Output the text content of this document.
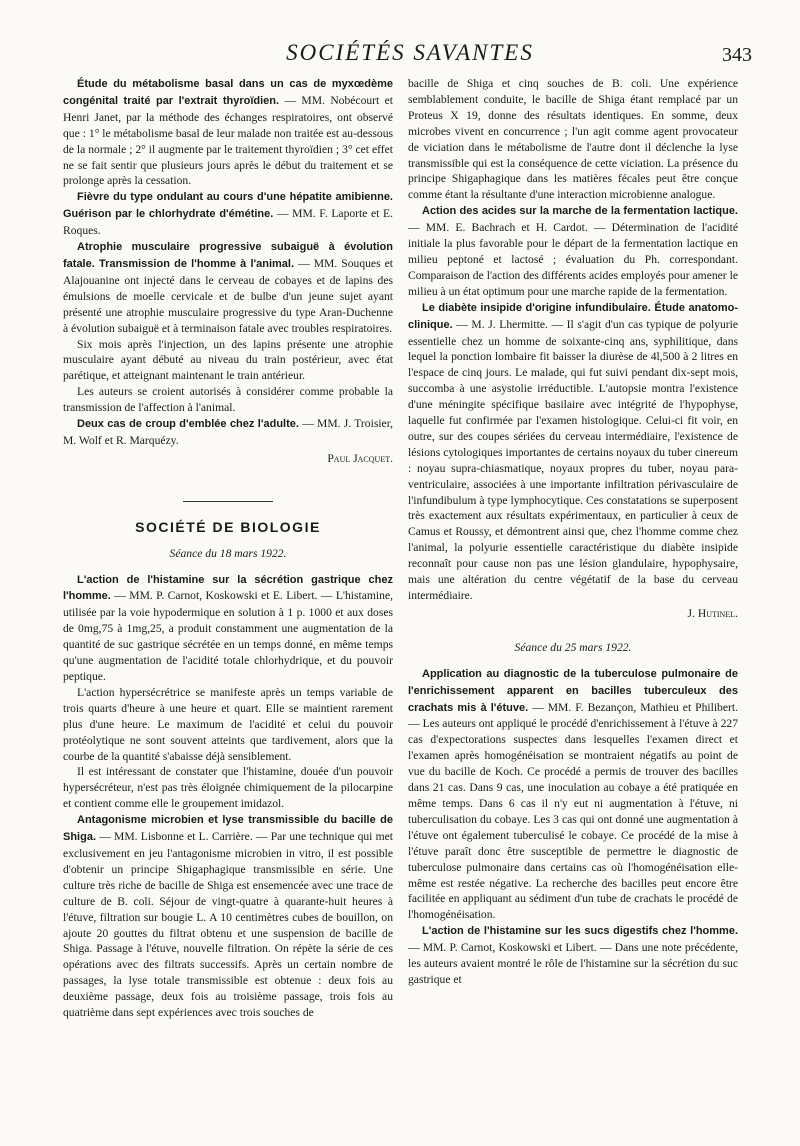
SOCIÉTÉS SAVANTES	343

Étude du métabolisme basal dans un cas de myxœdème congénital traité par l'extrait thyroïdien. — MM. Nobécourt et Henri Janet, par la méthode des échanges respiratoires, ont observé que : 1° le métabolisme basal de leur malade non traitée est au-dessous de la normale ; 2° il augmente par le traitement thyroïdien ; 3° cet effet ne se fait sentir que plusieurs jours après le début du traitement et se prolonge après la cessation.

Fièvre du type ondulant au cours d'une hépatite amibienne. Guérison par le chlorhydrate d'émétine. — MM. F. Laporte et E. Roques.

Atrophie musculaire progressive subaiguë à évolution fatale. Transmission de l'homme à l'animal. — MM. Souques et Alajouanine ont injecté dans le cerveau de cobayes et de lapins des émulsions de moelle cervicale et de bulbe d'un jeune sujet ayant présenté une atrophie musculaire progressive du type Aran-Duchenne à évolution subaiguë et à terminaison fatale avec troubles respiratoires.

Six mois après l'injection, un des lapins présente une atrophie musculaire ayant débuté au niveau du train postérieur, avec état parétique, et atteignant maintenant le train antérieur.

Les auteurs se croient autorisés à considérer comme probable la transmission de l'affection à l'animal.

Deux cas de croup d'emblée chez l'adulte. — MM. J. Troisier, M. Wolf et R. Marquézy.

Paul Jacquet.
SOCIÉTÉ DE BIOLOGIE
Séance du 18 mars 1922.

L'action de l'histamine sur la sécrétion gastrique chez l'homme. — MM. P. Carnot, Koskowski et E. Libert. — L'histamine, utilisée par la voie hypodermique en solution à 1 p. 1000 et aux doses de 0mg,75 à 1mg,25, a produit constamment une augmentation de la quantité de suc gastrique sécrétée en un temps donné, en même temps qu'une augmentation de l'acidité totale chlorhydrique, et du pouvoir peptique.

L'action hypersécrétrice se manifeste après un temps variable de trois quarts d'heure à une heure et quart. Elle se maintient rarement plus d'une heure. Le maximum de l'acidité et celui du pouvoir protéolytique ne sont souvent atteints que tardivement, alors que la courbe de la quantité s'abaisse déjà sensiblement.

Il est intéressant de constater que l'histamine, douée d'un pouvoir hypersécréteur, n'est pas très éloignée chimiquement de la pilocarpine et contient comme elle le groupement imidazol.

Antagonisme microbien et lyse transmissible du bacille de Shiga. — MM. Lisbonne et L. Carrière. — Par une technique qui met exclusivement en jeu l'antagonisme microbien in vitro, il est possible d'obtenir un principe Shigaphagique transmissible en série. Une culture très riche de bacille de Shiga est ensemencée avec une trace de culture de B. coli. Séjour de vingt-quatre à quarante-huit heures à l'étuve, filtration sur bougie L. A 10 centimètres cubes de bouillon, on ajoute 20 gouttes du filtrat obtenu et une suspension de bacille de Shiga. Passage à l'étuve, nouvelle filtration. On répète la série de ces opérations avec des filtrats successifs. Après un certain nombre de passages, la lyse totale transmissible est obtenue : deux fois au deuxième passage, deux fois au troisième passage, trois fois au quatrième dans sept expériences avec trois souches de

bacille de Shiga et cinq souches de B. coli. Une expérience semblablement conduite, le bacille de Shiga étant remplacé par un Proteus X 19, donne des résultats identiques. En somme, deux microbes vivent en concurrence ; l'un agit comme agent provocateur de viciation dans le métabolisme de l'autre dont il déclenche la lyse transmissible qui est la conséquence de cette viciation. La présence du principe Shigaphagique dans les matières fécales peut être conçue comme étant la résultante d'une interaction microbienne analogue.

Action des acides sur la marche de la fermentation lactique. — MM. E. Bachrach et H. Cardot. — Détermination de l'acidité initiale la plus favorable pour le départ de la fermentation lactique en milieu peptoné et lactosé ; évaluation du Ph. correspondant. Comparaison de l'action des différents acides employés pour amener le milieu à un état optimum pour une marche rapide de la fermentation.

Le diabète insipide d'origine infundibulaire. Étude anatomo-clinique. — M. J. Lhermitte. — Il s'agit d'un cas typique de polyurie essentielle chez un homme de soixante-cinq ans, syphilitique, dans lequel la ponction lombaire fit baisser la diurèse de 4l,500 à 2 litres en l'espace de cinq jours. Le malade, qui fut suivi pendant dix-sept mois, succomba à une asystolie irréductible. L'autopsie montra l'existence d'une méningite spécifique basilaire avec intégrité de l'hypophyse, laquelle fut confirmée par l'examen histologique. Celui-ci fit voir, en outre, sur des coupes sériées du cerveau intermédiaire, l'existence de lésions cytologiques importantes de certains noyaux du tuber cinereum : noyau supra-chiasmatique, noyaux propres du tuber, noyau para-ventriculaire, associées à une importante infiltration périvasculaire de l'infundibulum à type lymphocytique. Ces constatations se superposent très exactement aux résultats expérimentaux, en particulier à ceux de Camus et Roussy, et démontrent ainsi que, chez l'homme comme chez l'animal, la polyurie essentielle caractéristique du diabète insipide reconnaît pour cause non pas une lésion glandulaire, hypophysaire, mais une altération du centre végétatif de la base du cerveau intermédiaire.

J. Hutinel.
Séance du 25 mars 1922.

Application au diagnostic de la tuberculose pulmonaire de l'enrichissement apparent en bacilles tuberculeux des crachats mis à l'étuve. — MM. F. Bezançon, Mathieu et Philibert. — Les auteurs ont appliqué le procédé d'enrichissement à l'étuve à 227 cas d'expectorations suspectes dans lesquelles l'examen direct et l'examen après homogénéisation se montraient négatifs au point de vue du bacille de Koch. Ce procédé a permis de trouver des bacilles dans 21 cas. Dans 9 cas, une inoculation au cobaye a été pratiquée en même temps. Dans 6 cas il n'y eut ni augmentation à l'étuve, ni tuberculisation du cobaye. Les 3 cas qui ont donné une augmentation à l'étuve ont également tuberculisé le cobaye. Ce procédé de la mise à l'étuve paraît donc être susceptible de permettre le diagnostic de tuberculose pulmonaire dans certains cas où l'homogénéisation elle-même est restée négative. La recherche des bacilles peut encore être facilitée en appliquant au sédiment d'un tube de crachats le procédé de l'homogénéisation.

L'action de l'histamine sur les sucs digestifs chez l'homme. — MM. P. Carnot, Koskowski et Libert. — Dans une note précédente, les auteurs avaient montré le rôle de l'histamine sur la sécrétion du suc gastrique et
